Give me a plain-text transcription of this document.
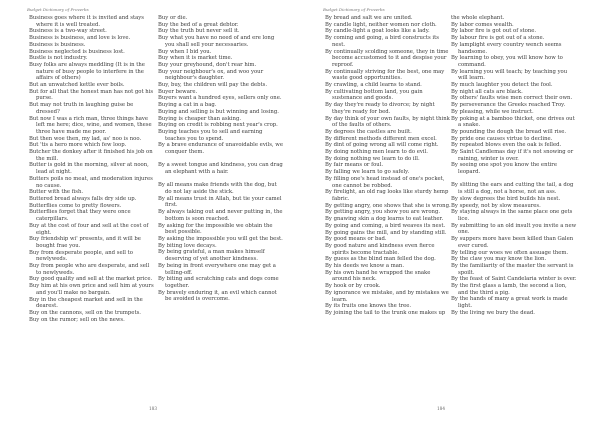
Budget Dictionary of Proverbs
Business goes where it is invited and stays where it is well treated.
Business is a two-way street.
Business is business, and love is love.
Business is business.
Business neglected is business lost.
Bustle is not industry.
Busy folks are always meddling (It is in the nature of busy people to interfere in the affairs of others)
But an unwatched kettle ever boils.
But for all that the honest man has not got his purse.
But may not truth in laughing guise be dressed?
But now I was a rich man, three things have left me here; dice, wine, and women, these three have made me poor.
But then woe then, my lad, as' noo is noo.
But 'tis a hero more which few loop.
Butcher the donkey after it finished his job on the mill.
Butter is gold in the morning, silver at noon, lead at night.
Butters poils no meat, and moderation injures no cause.
Butter with the fish.
Buttered bread always falls dry side up.
Butterflies come to pretty flowers.
Butterflies forget that they were once caterpillars.
Buy at the cost of four and sell at the cost of eight.
Buy friendship wi' presents, and it will be bought frae you.
Buy from desperate people, and sell to newlyweds.
Buy from people who are desperate, and sell to newlyweds.
Buy good quality and sell at the market price.
Buy him at his own price and sell him at yours and you'll make no bargain.
Buy in the cheapest market and sell in the dearest.
Buy on the cannons, sell on the trumpets.
Buy on the rumor; sell on the news.
Buy or die.
Buy the bed of a great debtor.
Buy the truth but never sell it.
Buy what you have no need of and ere long you shall sell your necessaries.
Buy when I bid you.
Buy when it is market time.
Buy your greyhound, don't rear him.
Buy your neighbour's ox, and woo your neighbour's daughter.
Buy, buy, the children will pay the debts.
Buyer beware.
Buyers want a hundred eyes, sellers only one.
Buying a cat in a bag.
Buying and selling is but winning and losing.
Buying is cheaper than asking.
Buying on credit is robbing next year's crop.
Buying teaches you to sell and earning teaches you to spend.
By a brave endurance of unavoidable evils, we conquer them.
By a sweet tongue and kindness, you can drag an elephant with a hair.
By all means make friends with the dog, but do not lay aside the stick.
By all means trust in Allah, but tie your camel first.
By always taking out and never putting in, the bottom is soon reached.
By asking for the impossible we obtain the best possible.
By asking the impossible you will get the best.
By biting love decays.
By being grateful, a man makes himself deserving of yet another kindness.
By being in front everywhere one may get a telling-off.
By biting and scratching cats and dogs come together.
By bravely enduring it, an evil which cannot be avoided is overcome.
183
Budget Dictionary of Proverbs
By bread and salt we are united.
By candle light, neither women nor cloth.
By candle-light a goat looks like a lady.
By coming and going, a bird constructs its nest.
By continually scolding someone, they in time become accustomed to it and despise your reproof.
By continually striving for the best, one may waste good opportunities.
By crawling, a child learns to stand.
By cultivating bottom land, you gain sustenance and goods.
By day they're ready to divorce; by night they're ready for bed.
By day think of your own faults, by night think of the faults of others.
By degrees the castles are built.
By different methods different men excel.
By dint of going wrong all will come right.
By doing nothing men learn to do evil.
By doing nothing we learn to do ill.
By fair means or foul.
By falling we learn to go safely.
By filling one's head instead of one's pocket, one cannot be robbed.
By firelight, an old rag looks like sturdy hemp fabric.
By getting angry, one shows that she is wrong.
By getting angry, you show you are wrong.
By gnawing skin a dog learns to eat leather.
By going and coming, a bird weaves its nest.
By going gains the mill, and by standing still.
By good means or bad.
By good nature and kindness even fierce spirits become tractable.
By guess as the blind man felled the dog.
By his deeds we know a man.
By his own hand he wrapped the snake around his neck.
By hook or by crook.
By ignorance we mistake, and by mistakes we learn.
By its fruits one knows the tree.
By joining the tail to the trunk one makes up
the whole elephant.
By labor comes wealth.
By labor fire is got out of stone.
By labour fire is got out of a stone.
By lamplight every country wench seems handsome.
By learning to obey, you will know how to command.
By learning you will teach; by teaching you will learn.
By much laughter you detect the fool.
By night all cats are black.
By others' faults wise men correct their own.
By perseverance the Greeks reached Troy.
By pleasing, while we instruct.
By poking at a bamboo thicket, one drives out a snake.
By pounding the dough the bread will rise.
By pride one causes virtue to decline.
By repeated blows even the oak is felled.
By Saint Candlemas day if it's not snowing or raining, winter is over.
By seeing one spot you know the entire leopard.
By slitting the ears and cutting the tail, a dog is still a dog, not a horse, not an ass.
By slow degrees the bird builds his nest.
By speedy, not by slow measures.
By staying always in the same place one gets lice.
By submitting to an old insult you invite a new one.
By suppers more have been killed than Galen ever cured.
By telling our woes we often assuage them.
By the claw you may know the lion.
By the familiarity of the master the servant is spoilt.
By the feast of Saint Candelaria winter is over.
By the first glass a lamb, the second a lion, and the third a pig.
By the hands of many a great work is made light.
By the living we bury the dead.
184
